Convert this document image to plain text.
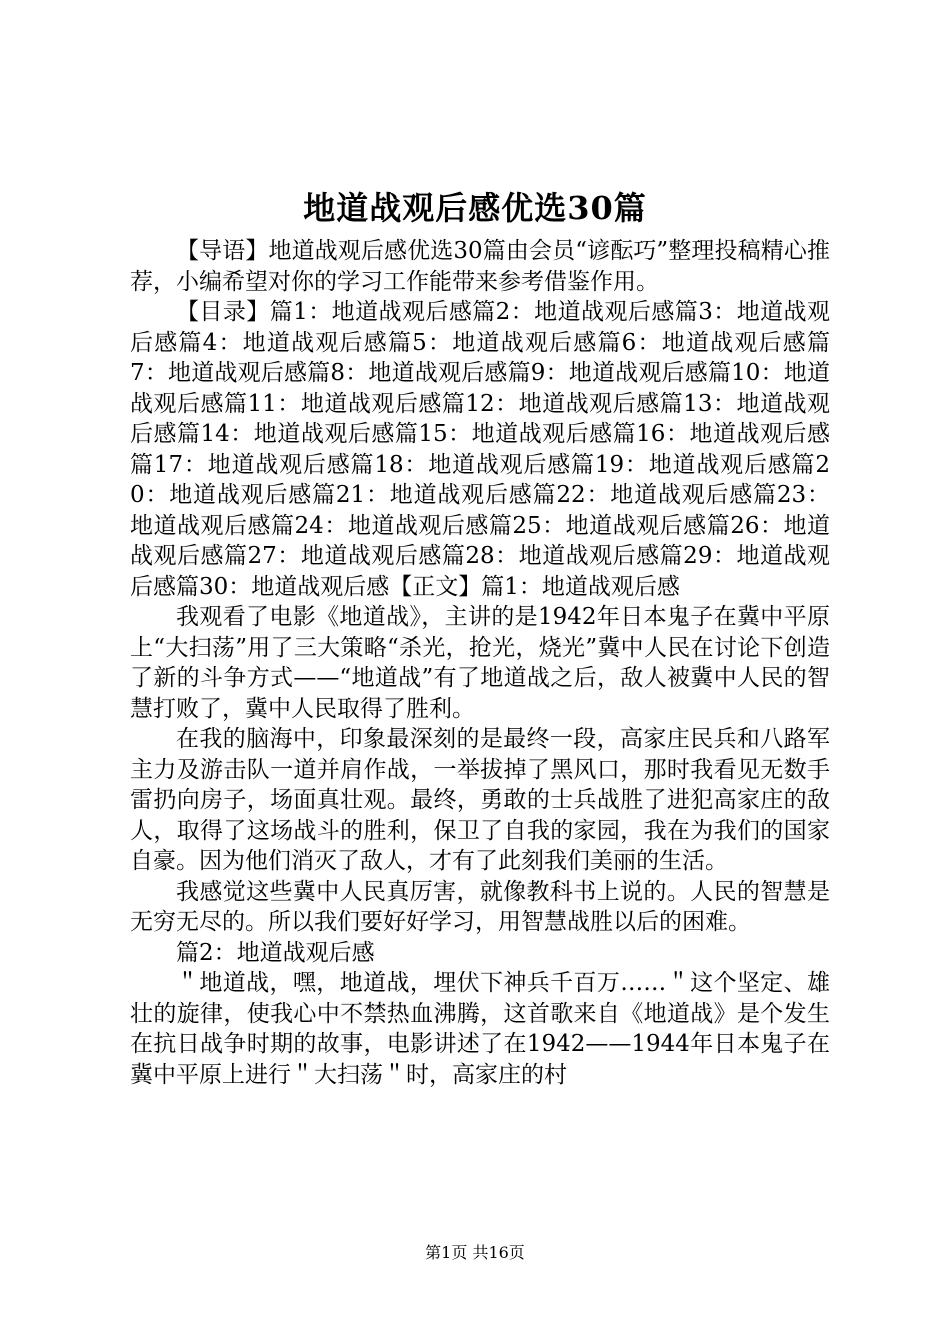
地道战观后感优选30篇

【导语】地道战观后感优选30篇由会员“谚酝巧”整理投稿精心推荐，小编希望对你的学习工作能带来参考借鉴作用。

【目录】篇1：地道战观后感篇2：地道战观后感篇3：地道战观后感篇4：地道战观后感篇5：地道战观后感篇6：地道战观后感篇7：地道战观后感篇8：地道战观后感篇9：地道战观后感篇10：地道战观后感篇11：地道战观后感篇12：地道战观后感篇13：地道战观后感篇14：地道战观后感篇15：地道战观后感篇16：地道战观后感篇17：地道战观后感篇18：地道战观后感篇19：地道战观后感篇20：地道战观后感篇21：地道战观后感篇22：地道战观后感篇23：地道战观后感篇24：地道战观后感篇25：地道战观后感篇26：地道战观后感篇27：地道战观后感篇28：地道战观后感篇29：地道战观后感篇30：地道战观后感【正文】篇1：地道战观后感

我观看了电影《地道战》，主讲的是1942年日本鬼子在冀中平原上“大扫荡”用了三大策略“杀光，抢光，烧光”冀中人民在讨论下创造了新的斗争方式——“地道战”有了地道战之后，敌人被冀中人民的智慧打败了，冀中人民取得了胜利。

在我的脑海中，印象最深刻的是最终一段，高家庄民兵和八路军主力及游击队一道并肩作战，一举拔掉了黑风口，那时我看见无数手雷扔向房子，场面真壮观。最终，勇敢的士兵战胜了进犯高家庄的敌人，取得了这场战斗的胜利，保卫了自我的家园，我在为我们的国家自豪。因为他们消灭了敌人，才有了此刻我们美丽的生活。

我感觉这些冀中人民真厉害，就像教科书上说的。人民的智慧是无穷无尽的。所以我们要好好学习，用智慧战胜以后的困难。

篇2：地道战观后感

＂地道战，嘿，地道战，埋伏下神兵千百万……＂这个坚定、雄壮的旋律，使我心中不禁热血沸腾，这首歌来自《地道战》是个发生在抗日战争时期的故事，电影讲述了在1942——1944年日本鬼子在冀中平原上进行＂大扫荡＂时，高家庄的村

第1页 共16页
